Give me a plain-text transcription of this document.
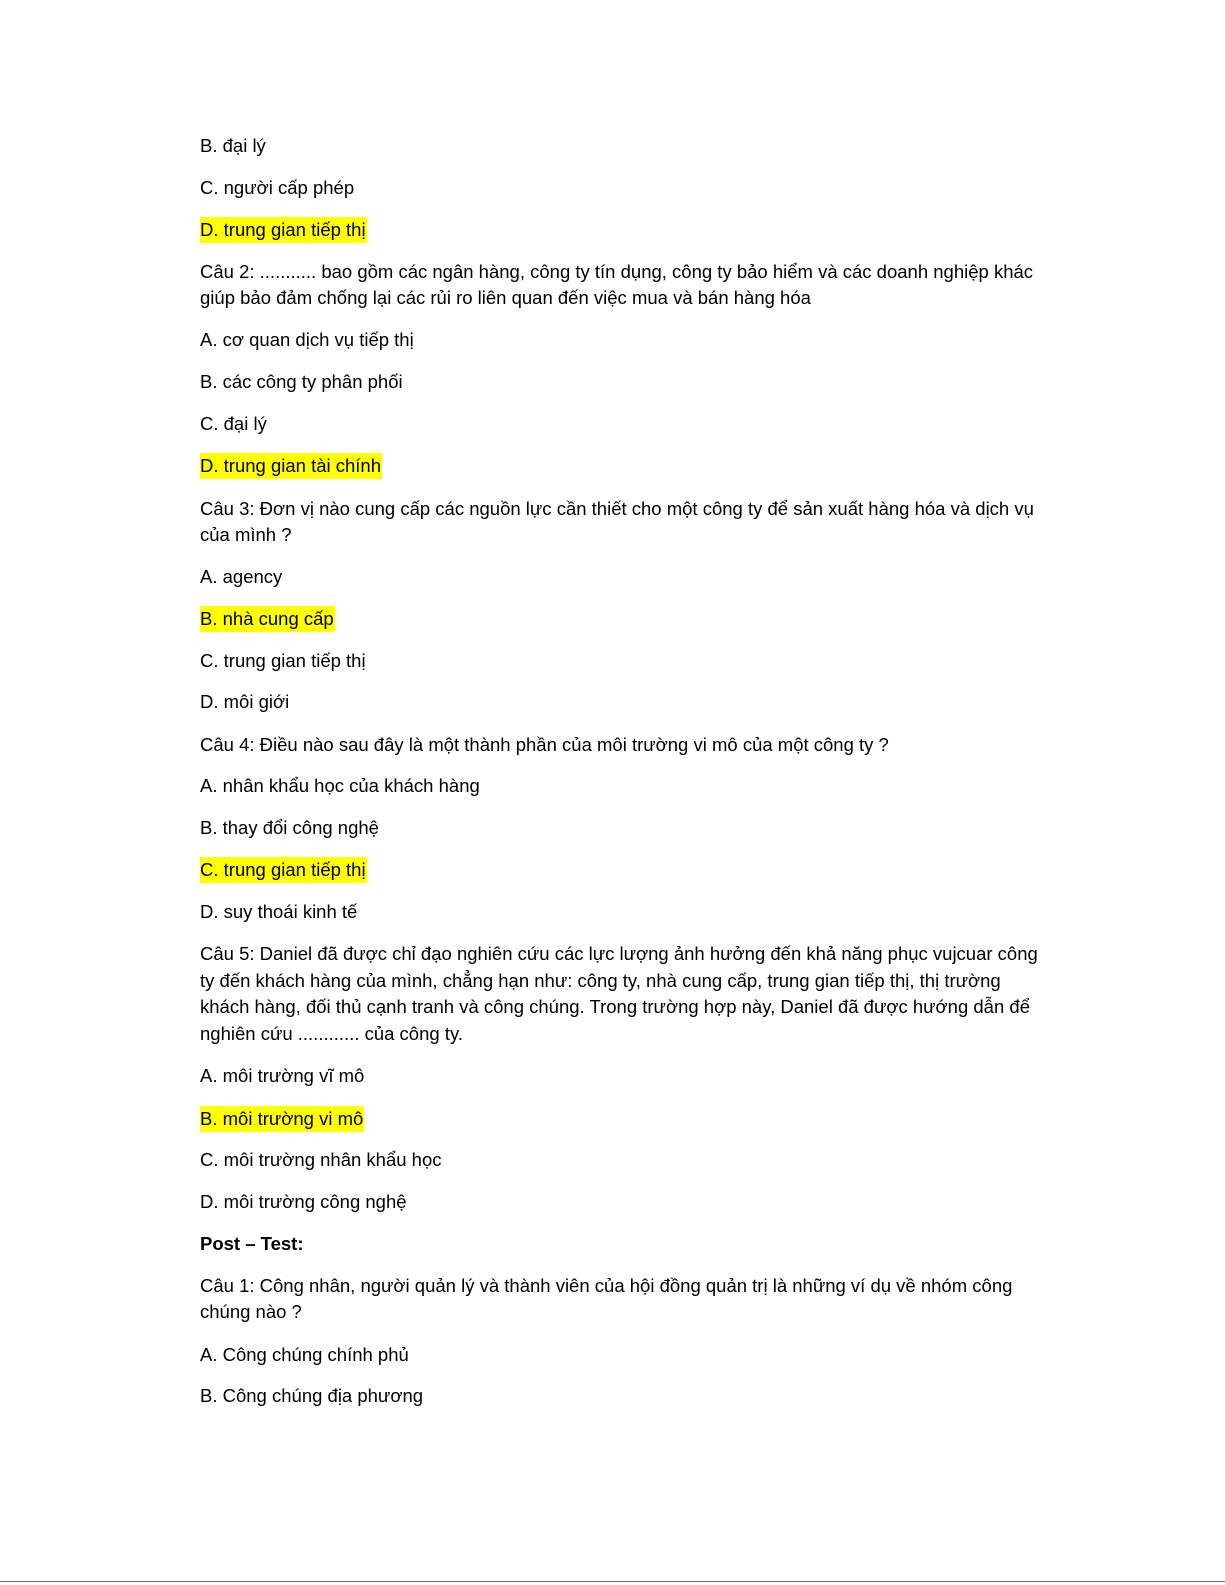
B. đại lý
C. người cấp phép
D. trung gian tiếp thị
Câu 2: ........... bao gồm các ngân hàng, công ty tín dụng, công ty bảo hiểm và các doanh nghiệp khác
giúp bảo đảm chống lại các rủi ro liên quan đến việc mua và bán hàng hóa
A. cơ quan dịch vụ tiếp thị
B. các công ty phân phối
C. đại lý
D. trung gian tài chính
Câu 3: Đơn vị nào cung cấp các nguồn lực cần thiết cho một công ty để sản xuất hàng hóa và dịch vụ
của mình ?
A. agency
B. nhà cung cấp
C. trung gian tiếp thị
D. môi giới
Câu 4: Điều nào sau đây là một thành phần của môi trường vi mô của một công ty ?
A. nhân khẩu học của khách hàng
B. thay đổi công nghệ
C. trung gian tiếp thị
D. suy thoái kinh tế
Câu 5: Daniel đã được chỉ đạo nghiên cứu các lực lượng ảnh hưởng đến khả năng phục vujcuar công
ty đến khách hàng của mình, chẳng hạn như: công ty, nhà cung cấp, trung gian tiếp thị, thị trường
khách hàng, đối thủ cạnh tranh và công chúng. Trong trường hợp này, Daniel đã được hướng dẫn để
nghiên cứu ............ của công ty.
A. môi trường vĩ mô
B. môi trường vi mô
C. môi trường nhân khẩu học
D. môi trường công nghệ
Post – Test:
Câu 1: Công nhân, người quản lý và thành viên của hội đồng quản trị là những ví dụ về nhóm công
chúng nào ?
A. Công chúng chính phủ
B. Công chúng địa phương
